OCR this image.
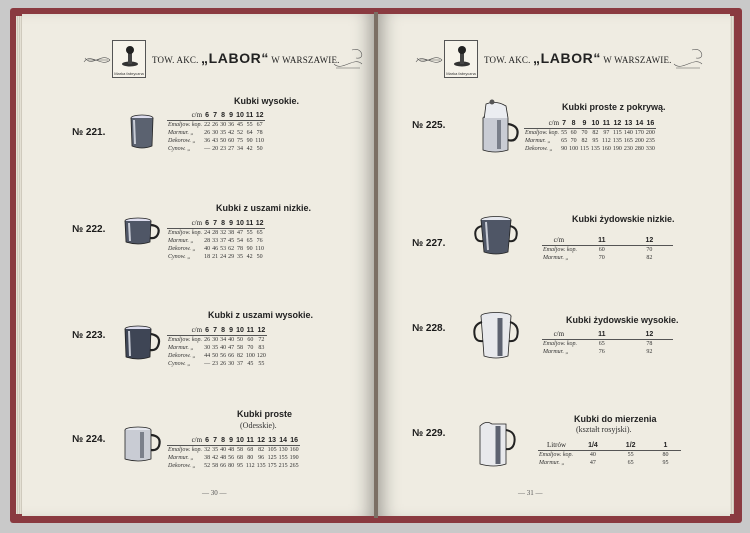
Marka fabryczna
TOW. AKC. „LABOR“ W WARSZAWIE.
Kubki wysokie.
№ 221.
c/m	6	7	8	9	10	11	12
Emaljow. kop.	22	26	30	36	45	55	67
Marmur. „	26	30	35	42	52	64	78
Dekorow. „	36	43	50	60	75	90	110
Cynow. „	—	20	23	27	34	42	50
Kubki z uszami nizkie.
№ 222.
c/m	6	7	8	9	10	11	12
Emaljow. kop.	24	28	32	38	47	55	65
Marmur. „	28	33	37	45	54	65	76
Dekorow. „	40	46	53	62	78	90	110
Cynow. „	18	21	24	29	35	42	50
Kubki z uszami wysokie.
№ 223.	c/m	6	7	8	9	10	11	12
Emaljow. kop.	26	30	34	40	50	60	72
Marmur. „	30	35	40	47	58	70	83
Dekorow. „	44	50	56	66	82	100	120
Cynow. „	—	23	26	30	37	45	55
Kubki proste
(Odesskie).
№ 224.	c/m	6	7	8	9	10	11	12	13	14	16
Emaljow. kop.	32	35	40	48	58	68	82	105	130	160
Marmur. „	38	42	48	56	68	80	96	125	155	190
Dekorow. „	52	58	66	80	95	112	135	175	215	265
— 30 —
Marka fabryczna
TOW. AKC. „LABOR“ W WARSZAWIE.
Kubki proste z pokrywą.
№ 225.	c/m	7	8	9	10	11	12	13	14	16
Emaljow. kop.	55	60	70	82	97	115	140	170	200
Marmur. „	65	70	82	95	112	135	165	200	235
Dekorow. „	90	100	115	135	160	190	230	280	330
Kubki żydowskie nizkie.
№ 227.	c/m	11	12
Emaljow. kop.	60	70
Marmur. „	70	82
Kubki żydowskie wysokie.
№ 228.	c/m	11	12
Emaljow. kop.	65	78
Marmur. „	76	92
Kubki do mierzenia
(kształt rosyjski).
№ 229.
Litrów	1/4	1/2	1
Emaljow. kop.	40	55	80
Marmur. „	47	65	95
— 31 —
